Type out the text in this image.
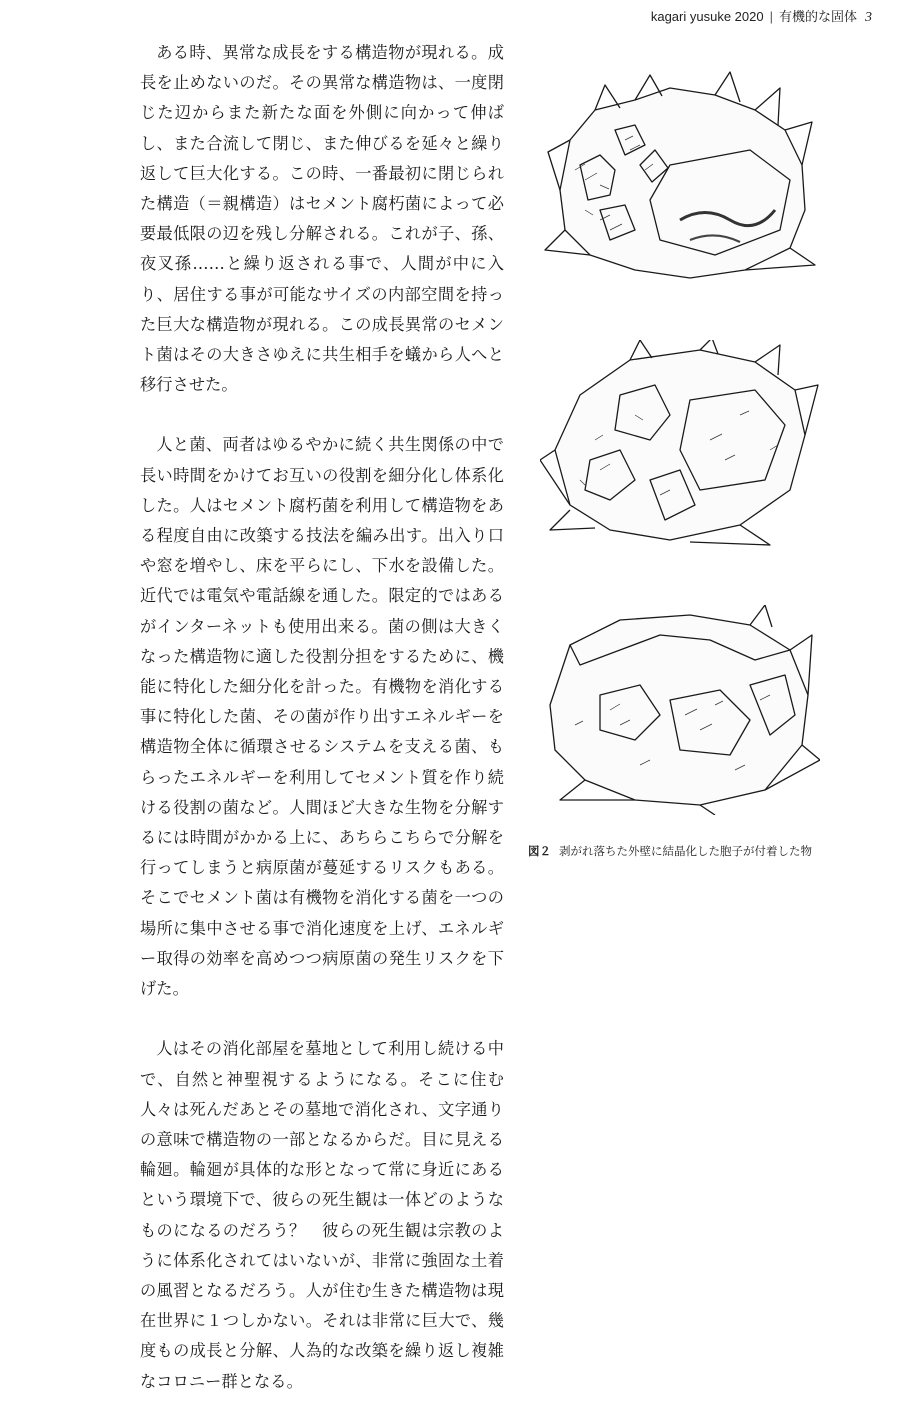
kagari yusuke 2020 | 有機的な固体 3

ある時、異常な成長をする構造物が現れる。成長を止めないのだ。その異常な構造物は、一度閉じた辺からまた新たな面を外側に向かって伸ばし、また合流して閉じ、また伸びるを延々と繰り返して巨大化する。この時、一番最初に閉じられた構造（＝親構造）はセメント腐朽菌によって必要最低限の辺を残し分解される。これが子、孫、夜叉孫……と繰り返される事で、人間が中に入り、居住する事が可能なサイズの内部空間を持った巨大な構造物が現れる。この成長異常のセメント菌はその大きさゆえに共生相手を蟻から人へと移行させた。

人と菌、両者はゆるやかに続く共生関係の中で長い時間をかけてお互いの役割を細分化し体系化した。人はセメント腐朽菌を利用して構造物をある程度自由に改築する技法を編み出す。出入り口や窓を増やし、床を平らにし、下水を設備した。近代では電気や電話線を通した。限定的ではあるがインターネットも使用出来る。菌の側は大きくなった構造物に適した役割分担をするために、機能に特化した細分化を計った。有機物を消化する事に特化した菌、その菌が作り出すエネルギーを構造物全体に循環させるシステムを支える菌、もらったエネルギーを利用してセメント質を作り続ける役割の菌など。人間ほど大きな生物を分解するには時間がかかる上に、あちらこちらで分解を行ってしまうと病原菌が蔓延するリスクもある。そこでセメント菌は有機物を消化する菌を一つの場所に集中させる事で消化速度を上げ、エネルギー取得の効率を高めつつ病原菌の発生リスクを下げた。

人はその消化部屋を墓地として利用し続ける中で、自然と神聖視するようになる。そこに住む人々は死んだあとその墓地で消化され、文字通りの意味で構造物の一部となるからだ。目に見える輪廻。輪廻が具体的な形となって常に身近にあるという環境下で、彼らの死生観は一体どのようなものになるのだろう？　彼らの死生観は宗教のように体系化されてはいないが、非常に強固な土着の風習となるだろう。人が住む生きた構造物は現在世界に１つしかない。それは非常に巨大で、幾度もの成長と分解、人為的な改築を繰り返し複雑なコロニー群となる。

図２ 剥がれ落ちた外壁に結晶化した胞子が付着した物
